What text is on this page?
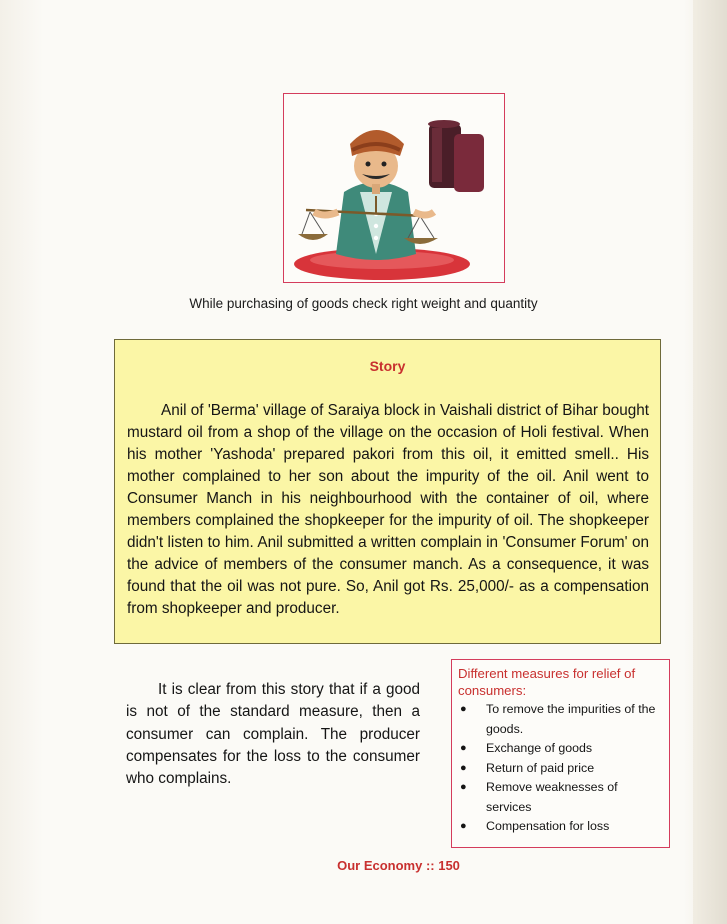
While purchasing of goods check right weight and quantity
Story

Anil of 'Berma' village of Saraiya block in Vaishali district of Bihar bought mustard oil from a shop of the village on the occasion of Holi festival. When his mother 'Yashoda' prepared pakori from this oil, it emitted smell.. His mother complained to her son about the impurity of the oil. Anil went to Consumer Manch in his neighbourhood with the container of oil, where members complained the shopkeeper for the impurity of oil. The shopkeeper didn't listen to him. Anil submitted a written complain in 'Consumer Forum' on the advice of members of the consumer manch. As a consequence, it was found that the oil was not pure. So, Anil got Rs. 25,000/- as a compensation from shopkeeper and producer.

It is clear from this story that if a good is not of the standard measure, then a consumer can complain. The producer compensates for the loss to the consumer who complains.

Different measures for relief of consumers:

● To remove the impurities of the goods.
● Exchange of goods
● Return of paid price
● Remove weaknesses of services
● Compensation for loss
Our Economy :: 150
